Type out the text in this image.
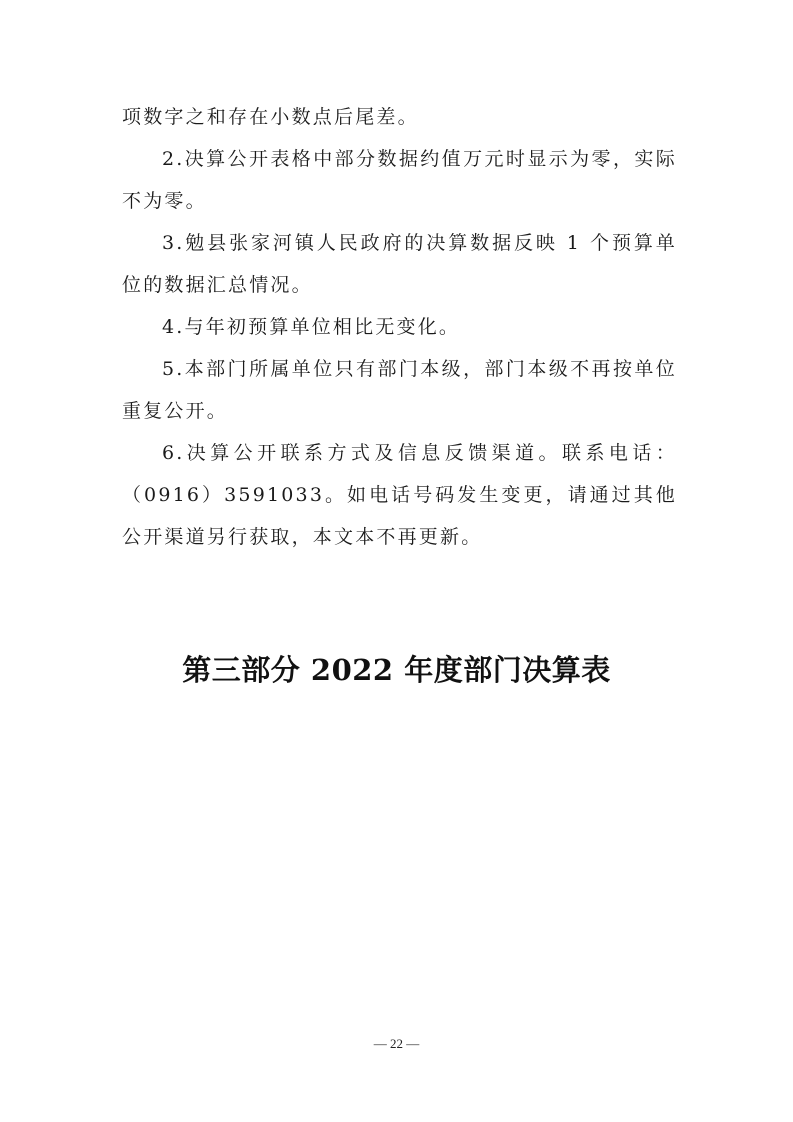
项数字之和存在小数点后尾差。

2.决算公开表格中部分数据约值万元时显示为零，实际不为零。

3.勉县张家河镇人民政府的决算数据反映 1 个预算单位的数据汇总情况。

4.与年初预算单位相比无变化。

5.本部门所属单位只有部门本级，部门本级不再按单位重复公开。

6.决算公开联系方式及信息反馈渠道。联系电话：（0916）3591033。如电话号码发生变更，请通过其他公开渠道另行获取，本文本不再更新。

第三部分 2022 年度部门决算表
— 22 —
